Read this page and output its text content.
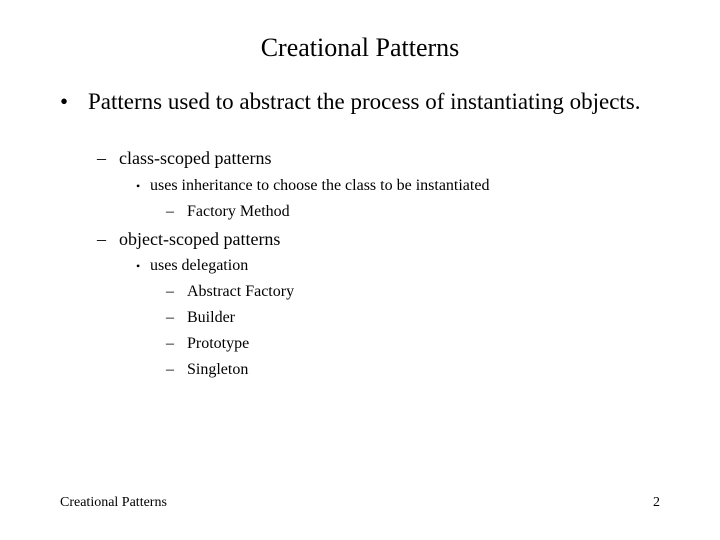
Creational Patterns
• Patterns used to abstract the process of instantiating objects.
– class-scoped patterns
• uses inheritance to choose the class to be instantiated
– Factory Method
– object-scoped patterns
• uses delegation
– Abstract Factory
– Builder
– Prototype
– Singleton
Creational Patterns	2
